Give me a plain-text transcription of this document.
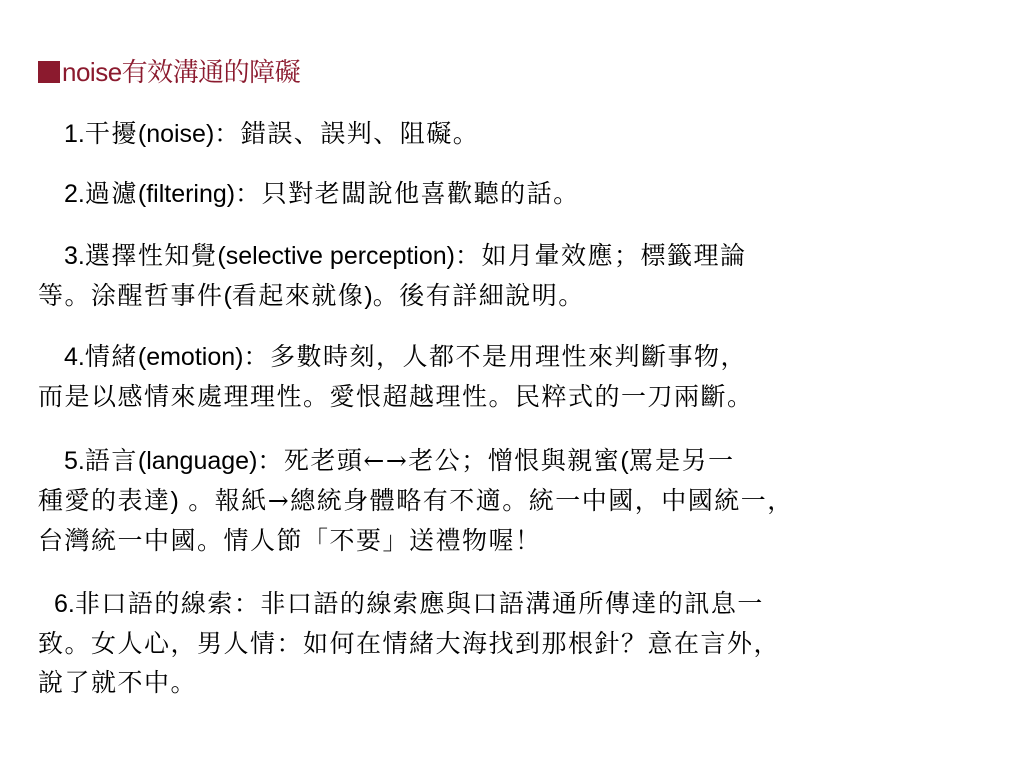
noise有效溝通的障礙
1.干擾(noise)：錯誤、誤判、阻礙。
2.過濾(filtering)：只對老闆說他喜歡聽的話。
3.選擇性知覺(selective perception)：如月暈效應；標籤理論
等。涂醒哲事件(看起來就像)。後有詳細說明。
4.情緒(emotion)：多數時刻，人都不是用理性來判斷事物，
而是以感情來處理理性。愛恨超越理性。民粹式的一刀兩斷。
5.語言(language)：死老頭←→老公；憎恨與親蜜(罵是另一
種愛的表達) 。報紙→總統身體略有不適。統一中國，中國統一，
台灣統一中國。情人節「不要」送禮物喔！
6.非口語的線索：非口語的線索應與口語溝通所傳達的訊息一
致。女人心，男人情：如何在情緒大海找到那根針？意在言外，
說了就不中。
